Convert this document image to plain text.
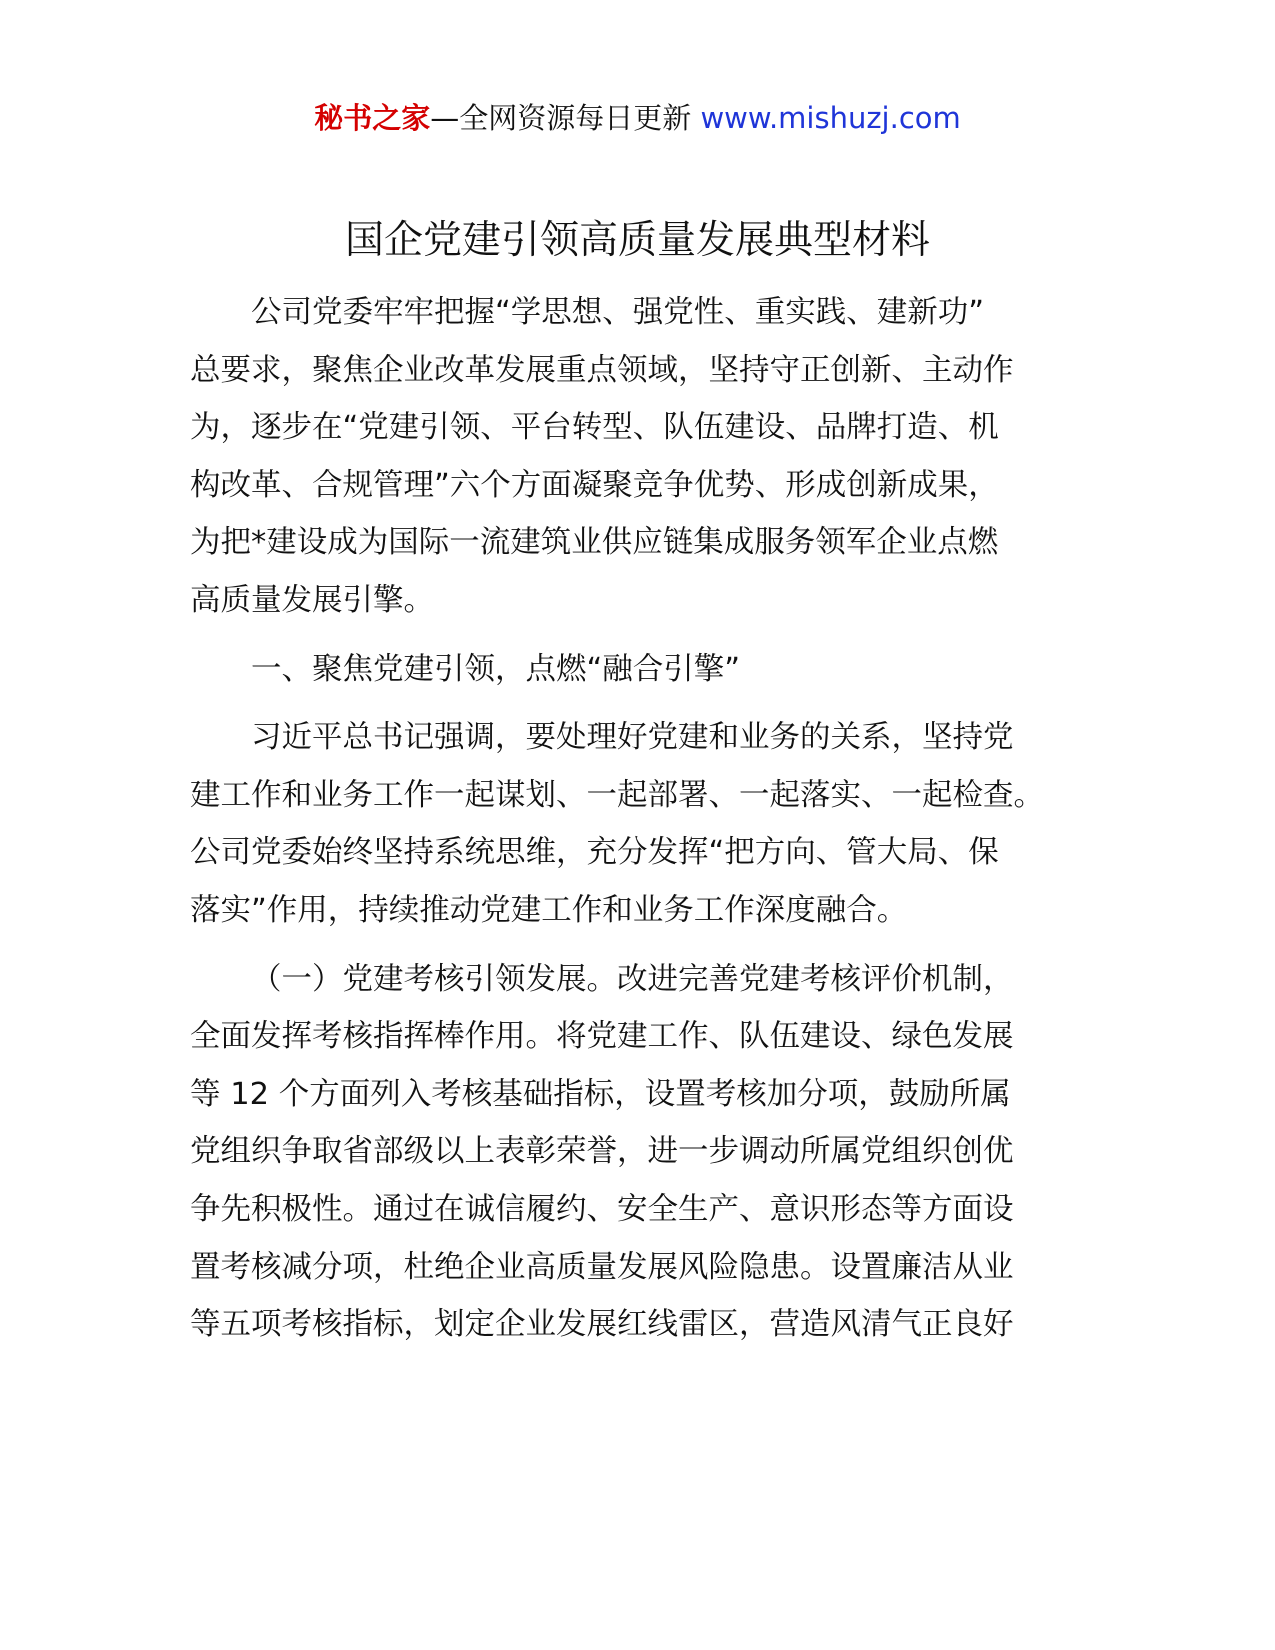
秘书之家—全网资源每日更新 www.mishuzj.com
国企党建引领高质量发展典型材料
公司党委牢牢把握“学思想、强党性、重实践、建新功”
总要求，聚焦企业改革发展重点领域，坚持守正创新、主动作
为，逐步在“党建引领、平台转型、队伍建设、品牌打造、机
构改革、合规管理”六个方面凝聚竞争优势、形成创新成果，
为把*建设成为国际一流建筑业供应链集成服务领军企业点燃
高质量发展引擎。
一、聚焦党建引领，点燃“融合引擎”
习近平总书记强调，要处理好党建和业务的关系，坚持党
建工作和业务工作一起谋划、一起部署、一起落实、一起检查。
公司党委始终坚持系统思维，充分发挥“把方向、管大局、保
落实”作用，持续推动党建工作和业务工作深度融合。
（一）党建考核引领发展。改进完善党建考核评价机制，
全面发挥考核指挥棒作用。将党建工作、队伍建设、绿色发展
等 12 个方面列入考核基础指标，设置考核加分项，鼓励所属
党组织争取省部级以上表彰荣誉，进一步调动所属党组织创优
争先积极性。通过在诚信履约、安全生产、意识形态等方面设
置考核减分项，杜绝企业高质量发展风险隐患。设置廉洁从业
等五项考核指标，划定企业发展红线雷区，营造风清气正良好
